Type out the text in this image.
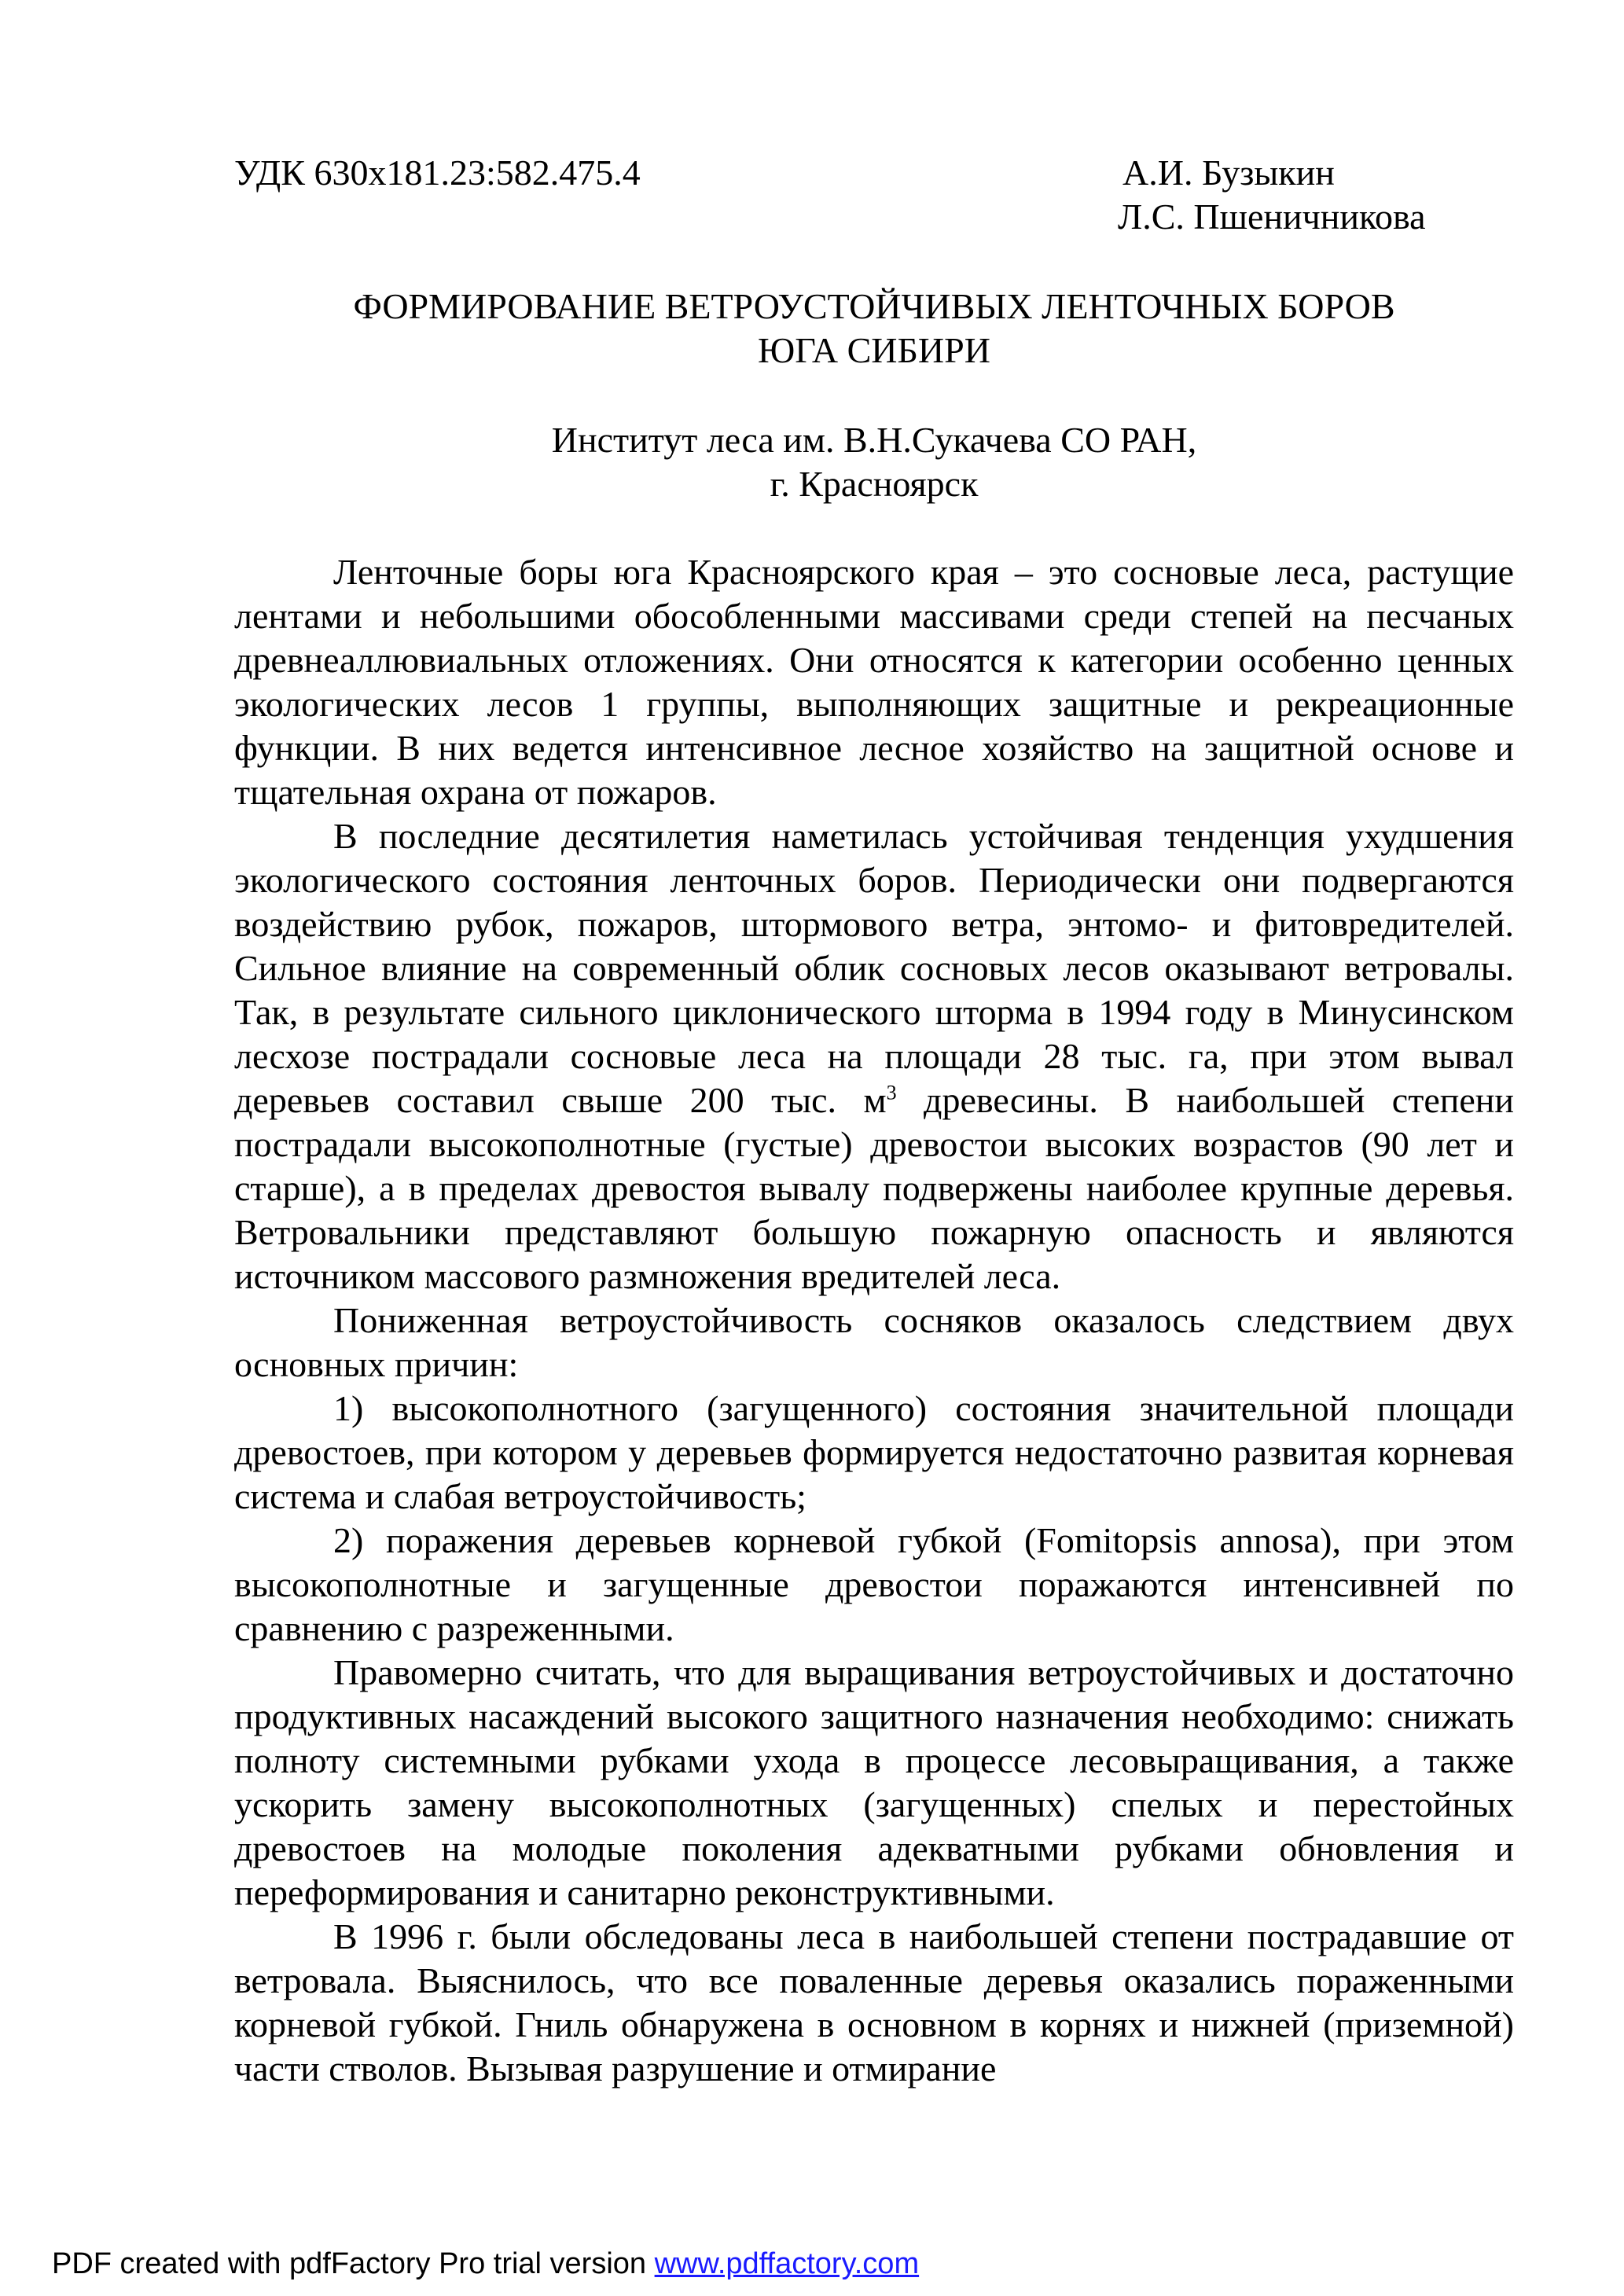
УДК 630х181.23:582.475.4	А.И. Бузыкин
Л.С. Пшеничникова
ФОРМИРОВАНИЕ ВЕТРОУСТОЙЧИВЫХ ЛЕНТОЧНЫХ БОРОВ
ЮГА СИБИРИ
Институт леса им. В.Н.Сукачева СО РАН,
г. Красноярск

Ленточные боры юга Красноярского края – это сосновые леса, растущие лентами и небольшими обособленными массивами среди степей на песчаных древнеаллювиальных отложениях. Они относятся к категории особенно ценных экологических лесов 1 группы, выполняющих защитные и рекреационные функции. В них ведется интенсивное лесное хозяйство на защитной основе и тщательная охрана от пожаров.

В последние десятилетия наметилась устойчивая тенденция ухудшения экологического состояния ленточных боров. Периодически они подвергаются воздействию рубок, пожаров, штормового ветра, энтомо- и фитовредителей. Сильное влияние на современный облик сосновых лесов оказывают ветровалы. Так, в результате сильного циклонического шторма в 1994 году в Минусинском лесхозе пострадали сосновые леса на площади 28 тыс. га, при этом вывал деревьев составил свыше 200 тыс. $м^3$ древесины. В наибольшей степени пострадали высокополнотные (густые) древостои высоких возрастов (90 лет и старше), а в пределах древостоя вывалу подвержены наиболее крупные деревья. Ветровальники представляют большую пожарную опасность и являются источником массового размножения вредителей леса.

Пониженная ветроустойчивость сосняков оказалось следствием двух основных причин:

1) высокополнотного (загущенного) состояния значительной площади древостоев, при котором у деревьев формируется недостаточно развитая корневая система и слабая ветроустойчивость;

2) поражения деревьев корневой губкой (Fomitopsis annosa), при этом высокополнотные и загущенные древостои поражаются интенсивней по сравнению с разреженными.

Правомерно считать, что для выращивания ветроустойчивых и достаточно продуктивных насаждений высокого защитного назначения необходимо: снижать полноту системными рубками ухода в процессе лесовыращивания, а также ускорить замену высокополнотных (загущенных) спелых и перестойных древостоев на молодые поколения адекватными рубками обновления и переформирования и санитарно реконструктивными.

В 1996 г. были обследованы леса в наибольшей степени пострадавшие от ветровала. Выяснилось, что все поваленные деревья оказались пораженными корневой губкой. Гниль обнаружена в основном в корнях и нижней (приземной) части стволов. Вызывая разрушение и отмирание

PDF created with pdfFactory Pro trial version www.pdffactory.com
